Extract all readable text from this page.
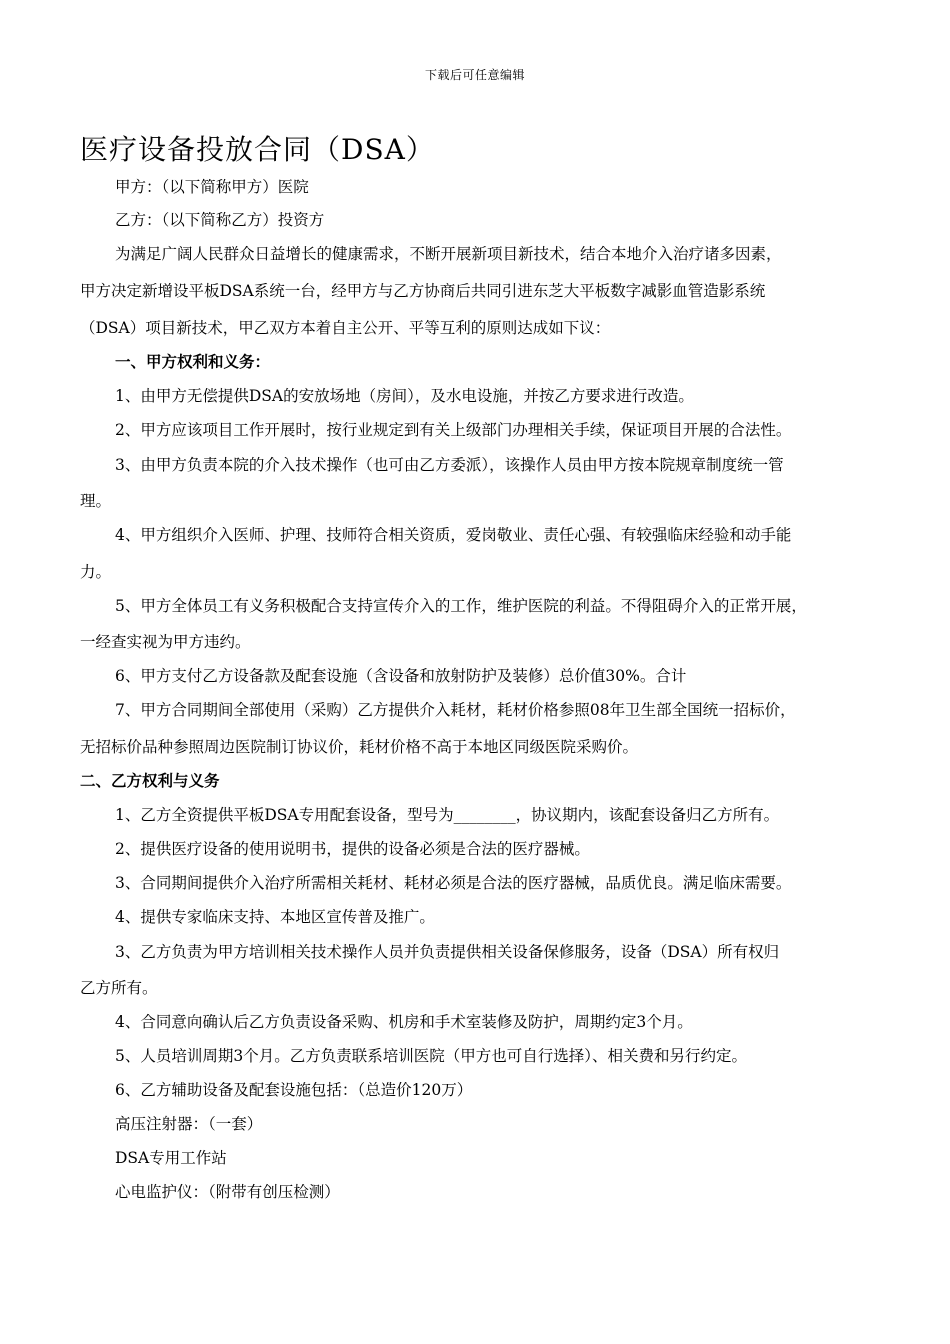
下载后可任意编辑
医疗设备投放合同（DSA）
甲方：（以下简称甲方）医院
乙方：（以下简称乙方）投资方
为满足广阔人民群众日益增长的健康需求，不断开展新项目新技术，结合本地介入治疗诸多因素，
甲方决定新增设平板DSA系统一台，经甲方与乙方协商后共同引进东芝大平板数字减影血管造影系统
（DSA）项目新技术，甲乙双方本着自主公开、平等互利的原则达成如下议：
一、甲方权利和义务：
1、由甲方无偿提供DSA的安放场地（房间），及水电设施，并按乙方要求进行改造。
2、甲方应该项目工作开展时，按行业规定到有关上级部门办理相关手续，保证项目开展的合法性。
3、由甲方负责本院的介入技术操作（也可由乙方委派），该操作人员由甲方按本院规章制度统一管
理。
4、甲方组织介入医师、护理、技师符合相关资质，爱岗敬业、责任心强、有较强临床经验和动手能
力。
5、甲方全体员工有义务积极配合支持宣传介入的工作，维护医院的利益。不得阻碍介入的正常开展，
一经查实视为甲方违约。
6、甲方支付乙方设备款及配套设施（含设备和放射防护及装修）总价值30%。合计
7、甲方合同期间全部使用（采购）乙方提供介入耗材，耗材价格参照08年卫生部全国统一招标价，
无招标价品种参照周边医院制订协议价，耗材价格不高于本地区同级医院采购价。
二、乙方权利与义务
1、乙方全资提供平板DSA专用配套设备，型号为________，协议期内，该配套设备归乙方所有。
2、提供医疗设备的使用说明书，提供的设备必须是合法的医疗器械。
3、合同期间提供介入治疗所需相关耗材、耗材必须是合法的医疗器械，品质优良。满足临床需要。
4、提供专家临床支持、本地区宣传普及推广。
3、乙方负责为甲方培训相关技术操作人员并负责提供相关设备保修服务，设备（DSA）所有权归
乙方所有。
4、合同意向确认后乙方负责设备采购、机房和手术室装修及防护，周期约定3个月。
5、人员培训周期3个月。乙方负责联系培训医院（甲方也可自行选择）、相关费和另行约定。
6、乙方辅助设备及配套设施包括：（总造价120万）
高压注射器：（一套）
DSA专用工作站
心电监护仪：（附带有创压检测）
